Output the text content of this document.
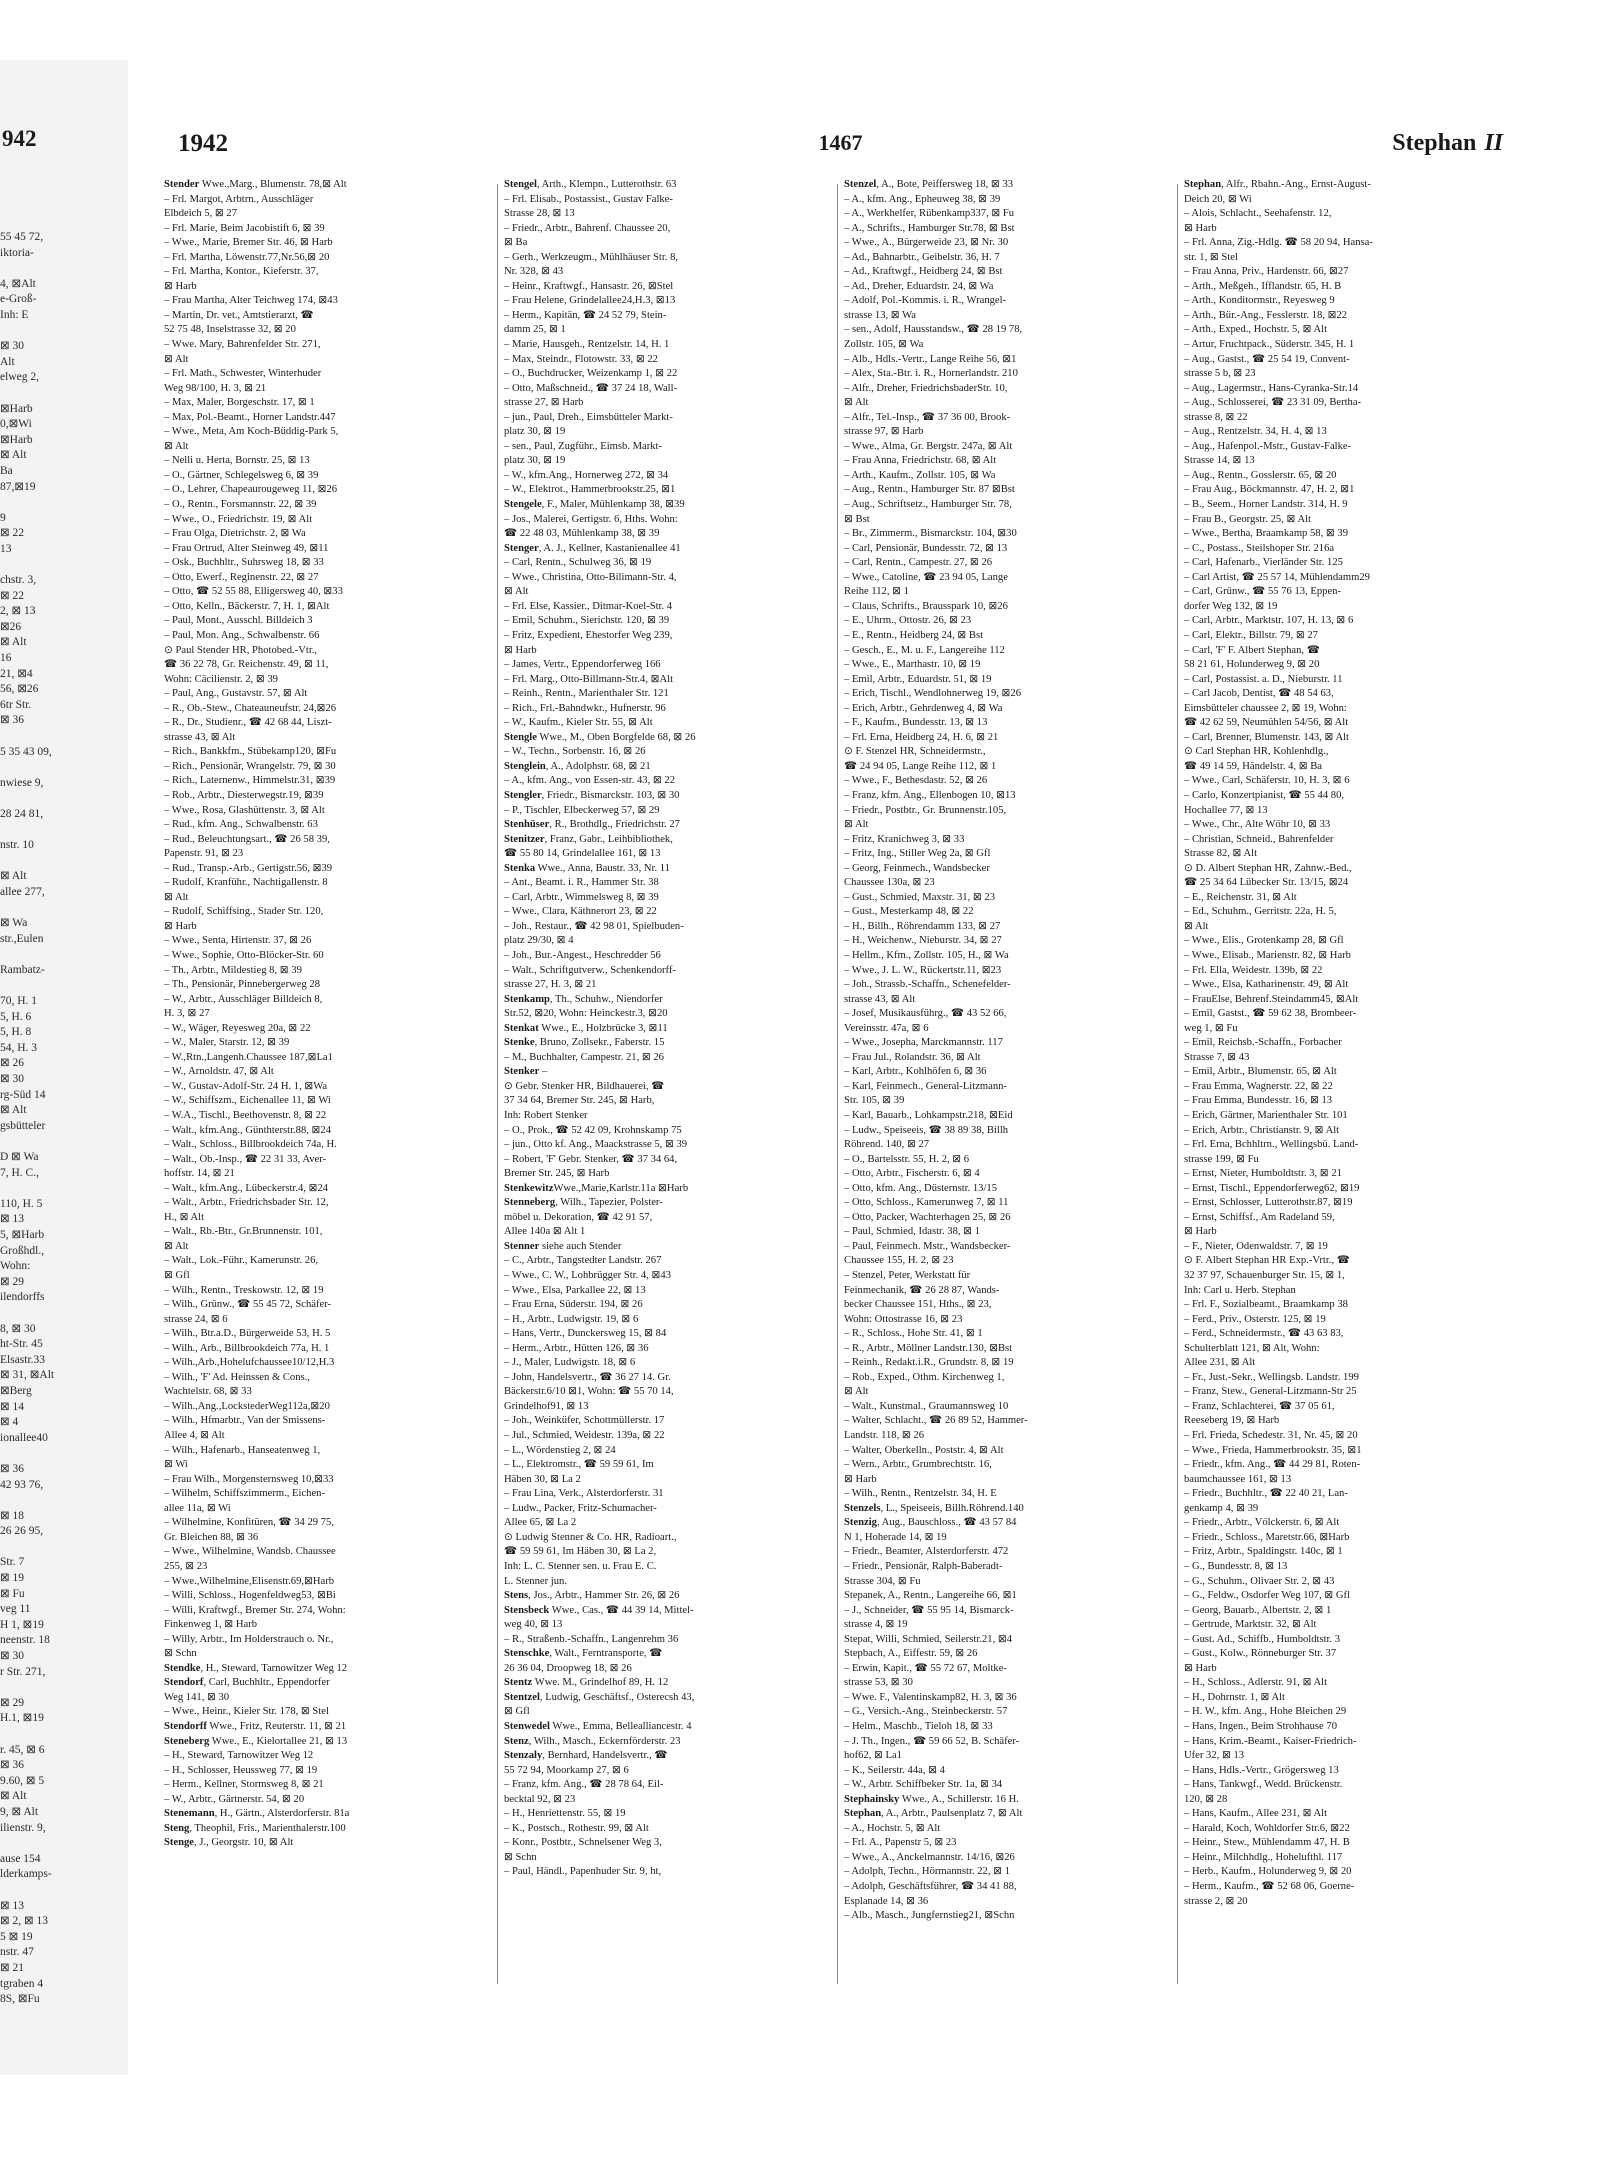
942
55 45 72,
iktoria-

4, ⊠Alt
e-Groß-
Inh: E

⊠ 30
Alt
elweg 2,

⊠Harb
0,⊠Wi
⊠Harb
⊠ Alt
Ba
87,⊠19

9
⊠ 22
13

chstr. 3,
⊠ 22
2, ⊠ 13
⊠26
⊠ Alt
16
21, ⊠4
56, ⊠26
6tr Str.
⊠ 36

5 35 43 09,

nwiese 9,

28 24 81,

nstr. 10

⊠ Alt
allee 277,

⊠ Wa
str.,Eulen

Rambatz-

70, H. 1
5, H. 6
5, H. 8
54, H. 3
⊠ 26
⊠ 30
rg-Süd 14
⊠ Alt
gsbütteler

D ⊠ Wa
7, H. C.,

110, H. 5
⊠ 13
5, ⊠Harb
Großhdl.,
Wohn:
⊠ 29
ilendorffs

8, ⊠ 30
ht-Str. 45
Elsastr.33
⊠ 31, ⊠Alt
⊠Berg
⊠ 14
⊠ 4
ionallee40

⊠ 36
42 93 76,

⊠ 18
26 26 95,

Str. 7
⊠ 19
⊠ Fu
veg 11
H 1, ⊠19
neenstr. 18
⊠ 30
r Str. 271,

⊠ 29
H.1, ⊠19

r. 45, ⊠ 6
⊠ 36
9.60, ⊠ 5
⊠ Alt
9, ⊠ Alt
ilienstr. 9,

ause 154
lderkamps-

⊠ 13
⊠ 2, ⊠ 13
5 ⊠ 19
nstr. 47
⊠ 21
tgraben 4
8S, ⊠Fu
1942	1467	Stephan II
Stender Wwe.,Marg., Blumenstr. 78,⊠ Alt
– Frl. Margot, Arbtrn., Ausschläger
Elbdeich 5, ⊠ 27
– Frl. Marie, Beim Jacobistift 6, ⊠ 39
– Wwe., Marie, Bremer Str. 46, ⊠ Harb
– Frl. Martha, Löwenstr.77,Nr.56,⊠ 20
– Frl. Martha, Kontor., Kieferstr. 37,
⊠ Harb
– Frau Martha, Alter Teichweg 174, ⊠43
– Martin, Dr. vet., Amtstierarzt, ☎
52 75 48, Inselstrasse 32, ⊠ 20
– Wwe. Mary, Bahrenfelder Str. 271,
⊠ Alt
– Frl. Math., Schwester, Winterhuder
Weg 98/100, H. 3, ⊠ 21
– Max, Maler, Borgeschstr. 17, ⊠ 1
– Max, Pol.-Beamt., Horner Landstr.447
– Wwe., Meta, Am Koch-Büddig-Park 5,
⊠ Alt
– Nelli u. Herta, Bornstr. 25, ⊠ 13
– O., Gärtner, Schlegelsweg 6, ⊠ 39
– O., Lehrer, Chapeaurougeweg 11, ⊠26
– O., Rentn., Forsmannstr. 22, ⊠ 39
– Wwe., O., Friedrichstr. 19, ⊠ Alt
– Frau Olga, Dietrichstr. 2, ⊠ Wa
– Frau Ortrud, Alter Steinweg 49, ⊠11
– Osk., Buchhltr., Suhrsweg 18, ⊠ 33
– Otto, Ewerf., Reginenstr. 22, ⊠ 27
– Otto, ☎ 52 55 88, Elligersweg 40, ⊠33
– Otto, Kelln., Bäckerstr. 7, H. 1, ⊠Alt
– Paul, Mont., Ausschl. Billdeich 3
– Paul, Mon. Ang., Schwalbenstr. 66
⊙ Paul Stender HR, Photobed.-Vtr.,
☎ 36 22 78, Gr. Reichenstr. 49, ⊠ 11,
Wohn: Cäcilienstr. 2, ⊠ 39
– Paul, Ang., Gustavstr. 57, ⊠ Alt
– R., Ob.-Stew., Chateauneufstr. 24,⊠26
– R., Dr., Studienr., ☎ 42 68 44, Liszt-
strasse 43, ⊠ Alt
– Rich., Bankkfm., Stübekamp120, ⊠Fu
– Rich., Pensionär, Wrangelstr. 79, ⊠ 30
– Rich., Laternenw., Himmelstr.31, ⊠39
– Rob., Arbtr., Diesterwegstr.19, ⊠39
– Wwe., Rosa, Glashüttenstr. 3, ⊠ Alt
– Rud., kfm. Ang., Schwalbenstr. 63
– Rud., Beleuchtungsart., ☎ 26 58 39,
Papenstr. 91, ⊠ 23
– Rud., Transp.-Arb., Gertigstr.56, ⊠39
– Rudolf, Kranführ., Nachtigallenstr. 8
⊠ Alt
– Rudolf, Schiffsing., Stader Str. 120,
⊠ Harb
– Wwe., Senta, Hirtenstr. 37, ⊠ 26
– Wwe., Sophie, Otto-Blöcker-Str. 60
– Th., Arbtr., Mildestieg 8, ⊠ 39
– Th., Pensionär, Pinnebergerweg 28
– W., Arbtr., Ausschläger Billdeich 8,
H. 3, ⊠ 27
– W., Wäger, Reyesweg 20a, ⊠ 22
– W., Maler, Starstr. 12, ⊠ 39
– W.,Rtn.,Langenh.Chaussee 187,⊠La1
– W., Arnoldstr. 47, ⊠ Alt
– W., Gustav-Adolf-Str. 24 H. 1, ⊠Wa
– W., Schiffszm., Eichenallee 11, ⊠ Wi
– W.A., Tischl., Beethovenstr. 8, ⊠ 22
– Walt., kfm.Ang., Günthterstr.88, ⊠24
– Walt., Schloss., Billbrookdeich 74a, H.
– Walt., Ob.-Insp., ☎ 22 31 33, Aver-
hoffstr. 14, ⊠ 21
– Walt., kfm.Ang., Lübeckerstr.4, ⊠24
– Walt., Arbtr., Friedrichsbader Str. 12,
H., ⊠ Alt
– Walt., Rb.-Btr., Gr.Brunnenstr. 101,
⊠ Alt
– Walt., Lok.-Führ., Kamerunstr. 26,
⊠ Gfl
– Wilh., Rentn., Treskowstr. 12, ⊠ 19
– Wilh., Grünw., ☎ 55 45 72, Schäfer-
strasse 24, ⊠ 6
– Wilh., Btr.a.D., Bürgerweide 53, H. 5
– Wilh., Arb., Billbrookdeich 77a, H. 1
– Wilh.,Arb.,Hohelufchaussee10/12,H.3
– Wilh., 'F' Ad. Heinssen & Cons.,
Wachtelstr. 68, ⊠ 33
– Wilh.,Ang.,LockstederWeg112a,⊠20
– Wilh., Hfmarbtr., Van der Smissens-
Allee 4, ⊠ Alt
– Wilh., Hafenarb., Hanseatenweg 1,
⊠ Wi
– Frau Wilh., Morgensternsweg 10,⊠33
– Wilhelm, Schiffszimmerm., Eichen-
allee 11a, ⊠ Wi
– Wilhelmine, Konfitüren, ☎ 34 29 75,
Gr. Bleichen 88, ⊠ 36
– Wwe., Wilhelmine, Wandsb. Chaussee
255, ⊠ 23
– Wwe.,Wilhelmine,Elisenstr.69,⊠Harb
– Willi, Schloss., Hogenfeldweg53, ⊠Bi
– Willi, Kraftwgf., Bremer Str. 274, Wohn:
Finkenweg 1, ⊠ Harb
– Willy, Arbtr., Im Holderstrauch o. Nr.,
⊠ Schn
Stendke, H., Steward, Tarnowitzer Weg 12
Stendorf, Carl, Buchhltr., Eppendorfer
Weg 141, ⊠ 30
– Wwe., Heinr., Kieler Str. 178, ⊠ Stel
Stendorff Wwe., Fritz, Reuterstr. 11, ⊠ 21
Steneberg Wwe., E., Kielortallee 21, ⊠ 13
– H., Steward, Tarnowitzer Weg 12
– H., Schlosser, Heussweg 77, ⊠ 19
– Herm., Kellner, Stormsweg 8, ⊠ 21
– W., Arbtr., Gärtnerstr. 54, ⊠ 20
Stenemann, H., Gärtn., Alsterdorferstr. 81a
Steng, Theophil, Fris., Marienthalerstr.100
Stenge, J., Georgstr. 10, ⊠ Alt
Stengel, Arth., Klempn., Lutterothstr. 63
– Frl. Elisab., Postassist., Gustav Falke-
Strasse 28, ⊠ 13
– Friedr., Arbtr., Bahrenf. Chaussee 20,
⊠ Ba
– Gerh., Werkzeugm., Mühlhäuser Str. 8,
Nr. 328, ⊠ 43
– Heinr., Kraftwgf., Hansastr. 26, ⊠Stel
– Frau Helene, Grindelallee24,H.3, ⊠13
– Herm., Kapitän, ☎ 24 52 79, Stein-
damm 25, ⊠ 1
– Marie, Hausgeh., Rentzelstr. 14, H. 1
– Max, Steindr., Flotowstr. 33, ⊠ 22
– O., Buchdrucker, Weizenkamp 1, ⊠ 22
– Otto, Maßschneid., ☎ 37 24 18, Wall-
strasse 27, ⊠ Harb
– jun., Paul, Dreh., Eimsbütteler Markt-
platz 30, ⊠ 19
– sen., Paul, Zugführ., Eimsb. Markt-
platz 30, ⊠ 19
– W., kfm.Ang., Hornerweg 272, ⊠ 34
– W., Elektrot., Hammerbrookstr.25, ⊠1
Stengele, F., Maler, Mühlenkamp 38, ⊠39
– Jos., Malerei, Gertigstr. 6, Hths. Wohn:
☎ 22 48 03, Mühlenkamp 38, ⊠ 39
Stenger, A. J., Kellner, Kastanienallee 41
– Carl, Rentn., Schulweg 36, ⊠ 19
– Wwe., Christina, Otto-Bilimann-Str. 4,
⊠ Alt
– Frl. Else, Kassier., Ditmar-Koel-Str. 4
– Emil, Schuhm., Sierichstr. 120, ⊠ 39
– Fritz, Expedient, Ehestorfer Weg 239,
⊠ Harb
– James, Vertr., Eppendorferweg 166
– Frl. Marg., Otto-Billmann-Str.4, ⊠Alt
– Reinh., Rentn., Marienthaler Str. 121
– Rich., Frl.-Bahndwkr., Hufnerstr. 96
– W., Kaufm., Kieler Str. 55, ⊠ Alt
Stengle Wwe., M., Oben Borgfelde 68, ⊠ 26
– W., Techn., Sorbenstr. 16, ⊠ 26
Stenglein, A., Adolphstr. 68, ⊠ 21
– A., kfm. Ang., von Essen-str. 43, ⊠ 22
Stengler, Friedr., Bismarckstr. 103, ⊠ 30
– P., Tischler, Elbeckerweg 57, ⊠ 29
Stenhüser, R., Brothdlg., Friedrichstr. 27
Stenitzer, Franz, Gabr., Leihbibliothek,
☎ 55 80 14, Grindelallee 161, ⊠ 13
Stenka Wwe., Anna, Baustr. 33, Nr. 11
– Ant., Beamt. i. R., Hammer Str. 38
– Carl, Arbtr., Wimmelsweg 8, ⊠ 39
– Wwe., Clara, Käthnerort 23, ⊠ 22
– Joh., Restaur., ☎ 42 98 01, Spielbuden-
platz 29/30, ⊠ 4
– Joh., Bur.-Angest., Heschredder 56
– Walt., Schriftgutverw., Schenkendorff-
strasse 27, H. 3, ⊠ 21
Stenkamp, Th., Schuhw., Niendorfer
Str.52, ⊠20, Wohn: Heinckestr.3, ⊠20
Stenkat Wwe., E., Holzbrücke 3, ⊠11
Stenke, Bruno, Zollsekr., Faberstr. 15
– M., Buchhalter, Campestr. 21, ⊠ 26
Stenker –
⊙ Gebr. Stenker HR, Bildhauerei, ☎
37 34 64, Bremer Str. 245, ⊠ Harb,
Inh: Robert Stenker
– O., Prok., ☎ 52 42 09, Krohnskamp 75
– jun., Otto kf. Ang., Maackstrasse 5, ⊠ 39
– Robert, 'F' Gebr. Stenker, ☎ 37 34 64,
Bremer Str. 245, ⊠ Harb
StenkewitzWwe.,Marie,Karlstr.11a ⊠Harb
Stenneberg, Wilh., Tapezier, Polster-
möbel u. Dekoration, ☎ 42 91 57,
Allee 140a ⊠ Alt 1
Stenner siehe auch Stender
– C., Arbtr., Tangstedter Landstr. 267
– Wwe., C. W., Lohbrügger Str. 4, ⊠43
– Wwe., Elsa, Parkallee 22, ⊠ 13
– Frau Erna, Süderstr. 194, ⊠ 26
– H., Arbtr., Ludwigstr. 19, ⊠ 6
– Hans, Vertr., Dunckersweg 15, ⊠ 84
– Herm., Arbtr., Hütten 126, ⊠ 36
– J., Maler, Ludwigstr. 18, ⊠ 6
– John, Handelsvertr., ☎ 36 27 14. Gr.
Bäckerstr.6/10 ⊠1, Wohn: ☎ 55 70 14,
Grindelhof91, ⊠ 13
– Joh., Weinküfer, Schottmüllerstr. 17
– Jul., Schmied, Weidestr. 139a, ⊠ 22
– L., Wördenstieg 2, ⊠ 24
– L., Elektromstr., ☎ 59 59 61, Im
Häben 30, ⊠ La 2
– Frau Lina, Verk., Alsterdorferstr. 31
– Ludw., Packer, Fritz-Schumacher-
Allee 65, ⊠ La 2
⊙ Ludwig Stenner & Co. HR, Radioart.,
☎ 59 59 61, Im Häben 30, ⊠ La 2,
Inh: L. C. Stenner sen. u. Frau E. C.
L. Stenner jun.
Stens, Jos., Arbtr., Hammer Str. 26, ⊠ 26
Stensbeck Wwe., Cas., ☎ 44 39 14, Mittel-
weg 40, ⊠ 13
– R., Straßenb.-Schaffn., Langenrehm 36
Stenschke, Walt., Ferntransporte, ☎
26 36 04, Droopweg 18, ⊠ 26
Stentz Wwe. M., Grindelhof 89, H. 12
Stentzel, Ludwig, Geschäftsf., Osterecsh 43,
⊠ Gfl
Stenwedel Wwe., Emma, Bellealliancestr. 4
Stenz, Wilh., Masch., Eckernförderstr. 23
Stenzaly, Bernhard, Handelsvertr., ☎
55 72 94, Moorkamp 27, ⊠ 6
– Franz, kfm. Ang., ☎ 28 78 64, Eil-
becktal 92, ⊠ 23
– H., Henriettenstr. 55, ⊠ 19
– K., Postsch., Rothestr. 99, ⊠ Alt
– Konr., Postbtr., Schnelsener Weg 3,
⊠ Schn
– Paul, Händl., Papenhuder Str. 9, ht,
Stenzel, A., Bote, Peiffersweg 18, ⊠ 33
– A., kfm. Ang., Epheuweg 38, ⊠ 39
– A., Werkhelfer, Rübenkamp337, ⊠ Fu
– A., Schrifts., Hamburger Str.78, ⊠ Bst
– Wwe., A., Bürgerweide 23, ⊠ Nr. 30
– Ad., Bahnarbtr., Geibelstr. 36, H. 7
– Ad., Kraftwgf., Heidberg 24, ⊠ Bst
– Ad., Dreher, Eduardstr. 24, ⊠ Wa
– Adolf, Pol.-Kommis. i. R., Wrangel-
strasse 13, ⊠ Wa
– sen., Adolf, Hausstandsw., ☎ 28 19 78,
Zollstr. 105, ⊠ Wa
– Alb., Hdls.-Vertr., Lange Reihe 56, ⊠1
– Alex, Sta.-Btr. i. R., Hornerlandstr. 210
– Alfr., Dreher, FriedrichsbaderStr. 10,
⊠ Alt
– Alfr., Tel.-Insp., ☎ 37 36 00, Brook-
strasse 97, ⊠ Harb
– Wwe., Alma, Gr. Bergstr. 247a, ⊠ Alt
– Frau Anna, Friedrichstr. 68, ⊠ Alt
– Arth., Kaufm., Zollstr. 105, ⊠ Wa
– Aug., Rentn., Hamburger Str. 87 ⊠Bst
– Aug., Schriftsetz., Hamburger Str. 78,
⊠ Bst
– Br., Zimmerm., Bismarckstr. 104, ⊠30
– Carl, Pensionär, Bundesstr. 72, ⊠ 13
– Carl, Rentn., Campestr. 27, ⊠ 26
– Wwe., Catoline, ☎ 23 94 05, Lange
Reihe 112, ⊠ 1
– Claus, Schrifts., Brausspark 10, ⊠26
– E., Uhrm., Ottostr. 26, ⊠ 23
– E., Rentn., Heidberg 24, ⊠ Bst
– Gesch., E., M. u. F., Langereihe 112
– Wwe., E., Marthastr. 10, ⊠ 19
– Emil, Arbtr., Eduardstr. 51, ⊠ 19
– Erich, Tischl., Wendlohnerweg 19, ⊠26
– Erich, Arbtr., Gehrdenweg 4, ⊠ Wa
– F., Kaufm., Bundesstr. 13, ⊠ 13
– Frl. Erna, Heidberg 24, H. 6, ⊠ 21
⊙ F. Stenzel HR, Schneidermstr.,
☎ 24 94 05, Lange Reihe 112, ⊠ 1
– Wwe., F., Bethesdastr. 52, ⊠ 26
– Franz, kfm. Ang., Ellenbogen 10, ⊠13
– Friedr., Postbtr., Gr. Brunnenstr.105,
⊠ Alt
– Fritz, Kranichweg 3, ⊠ 33
– Fritz, Ing., Stiller Weg 2a, ⊠ Gfl
– Georg, Feinmech., Wandsbecker
Chaussee 130a, ⊠ 23
– Gust., Schmied, Maxstr. 31, ⊠ 23
– Gust., Mesterkamp 48, ⊠ 22
– H., Billh., Röhrendamm 133, ⊠ 27
– H., Weichenw., Nieburstr. 34, ⊠ 27
– Hellm., Kfm., Zollstr. 105, H., ⊠ Wa
– Wwe., J. L. W., Rückertstr.11, ⊠23
– Joh., Strassb.-Schaffn., Schenefelder-
strasse 43, ⊠ Alt
– Josef, Musikausführg., ☎ 43 52 66,
Vereinsstr. 47a, ⊠ 6
– Wwe., Josepha, Marckmannstr. 117
– Frau Jul., Rolandstr. 36, ⊠ Alt
– Karl, Arbtr., Kohlhöfen 6, ⊠ 36
– Karl, Feinmech., General-Litzmann-
Str. 105, ⊠ 39
– Karl, Bauarb., Lohkampstr.218, ⊠Eid
– Ludw., Speiseeis, ☎ 38 89 38, Billh
Röhrend. 140, ⊠ 27
– O., Bartelsstr. 55, H. 2, ⊠ 6
– Otto, Arbtr., Fischerstr. 6, ⊠ 4
– Otto, kfm. Ang., Düsternstr. 13/15
– Otto, Schloss., Kamerunweg 7, ⊠ 11
– Otto, Packer, Wachterhagen 25, ⊠ 26
– Paul, Schmied, Idastr. 38, ⊠ 1
– Paul, Feinmech. Mstr., Wandsbecker-
Chaussee 155, H. 2, ⊠ 23
– Stenzel, Peter, Werkstatt für
Feinmechanik, ☎ 26 28 87, Wands-
becker Chaussee 151, Hths., ⊠ 23,
Wohn: Ottostrasse 16, ⊠ 23
– R., Schloss., Hohe Str. 41, ⊠ 1
– R., Arbtr., Möllner Landstr.130, ⊠Bst
– Reinh., Redakt.i.R., Grundstr. 8, ⊠ 19
– Rob., Exped., Othm. Kirchenweg 1,
⊠ Alt
– Walt., Kunstmal., Graumannsweg 10
– Walter, Schlacht., ☎ 26 89 52, Hammer-
Landstr. 118, ⊠ 26
– Walter, Oberkelln., Poststr. 4, ⊠ Alt
– Wern., Arbtr., Grumbrechtstr. 16,
⊠ Harb
– Wilh., Rentn., Rentzelstr. 34, H. E
Stenzels, L., Speiseeis, Billh.Röhrend.140
Stenzig, Aug., Bauschloss., ☎ 43 57 84
N 1, Hoherade 14, ⊠ 19
– Friedr., Beamter, Alsterdorferstr. 472
– Friedr., Pensionär, Ralph-Baberadt-
Strasse 304, ⊠ Fu
Stepanek, A., Rentn., Langereihe 66, ⊠1
– J., Schneider, ☎ 55 95 14, Bismarck-
strasse 4, ⊠ 19
Stepat, Willi, Schmied, Seilerstr.21, ⊠4
Stepbach, A., Eiffestr. 59, ⊠ 26
– Erwin, Kapit., ☎ 55 72 67, Moltke-
strasse 53, ⊠ 30
– Wwe. F., Valentinskamp82, H. 3, ⊠ 36
– G., Versich.-Ang., Steinbeckerstr. 57
– Helm., Maschb., Tieloh 18, ⊠ 33
– J. Th., Ingen., ☎ 59 66 52, B. Schäfer-
hof62, ⊠ La1
– K., Seilerstr. 44a, ⊠ 4
– W., Arbtr. Schiffbeker Str. 1a, ⊠ 34
Stephainsky Wwe., A., Schillerstr. 16 H.
Stephan, A., Arbtr., Paulsenplatz 7, ⊠ Alt
– A., Hochstr. 5, ⊠ Alt
– Frl. A., Papenstr 5, ⊠ 23
– Wwe., A., Anckelmannstr. 14/16, ⊠26
– Adolph, Techn., Hörmannstr. 22, ⊠ 1
– Adolph, Geschäftsführer, ☎ 34 41 88,
Esplanade 14, ⊠ 36
– Alb., Masch., Jungfernstieg21, ⊠Schn
Stephan, Alfr., Rbahn.-Ang., Ernst-August-
Deich 20, ⊠ Wi
– Alois, Schlacht., Seehafenstr. 12,
⊠ Harb
– Frl. Anna, Zig.-Hdlg. ☎ 58 20 94, Hansa-
str. 1, ⊠ Stel
– Frau Anna, Priv., Hardenstr. 66, ⊠27
– Arth., Meßgeh., Ifflandstr. 65, H. B
– Arth., Konditormstr., Reyesweg 9
– Arth., Bür.-Ang., Fesslerstr. 18, ⊠22
– Arth., Exped., Hochstr. 5, ⊠ Alt
– Artur, Fruchtpack., Süderstr. 345, H. 1
– Aug., Gastst., ☎ 25 54 19, Convent-
strasse 5 b, ⊠ 23
– Aug., Lagermstr., Hans-Cyranka-Str.14
– Aug., Schlosserei, ☎ 23 31 09, Bertha-
strasse 8, ⊠ 22
– Aug., Rentzelstr. 34, H. 4, ⊠ 13
– Aug., Hafenpol.-Mstr., Gustav-Falke-
Strasse 14, ⊠ 13
– Aug., Rentn., Gosslerstr. 65, ⊠ 20
– Frau Aug., Böckmannstr. 47, H. 2, ⊠1
– B., Seem., Horner Landstr. 314, H. 9
– Frau B., Georgstr. 25, ⊠ Alt
– Wwe., Bertha, Braamkamp 58, ⊠ 39
– C., Postass., Steilshoper Str. 216a
– Carl, Hafenarb., Vierländer Str. 125
– Carl Artist, ☎ 25 57 14, Mühlendamm29
– Carl, Grünw., ☎ 55 76 13, Eppen-
dorfer Weg 132, ⊠ 19
– Carl, Arbtr., Marktstr. 107, H. 13, ⊠ 6
– Carl, Elektr., Billstr. 79, ⊠ 27
– Carl, 'F' F. Albert Stephan, ☎
58 21 61, Holunderweg 9, ⊠ 20
– Carl, Postassist. a. D., Nieburstr. 11
– Carl Jacob, Dentist, ☎ 48 54 63,
Eimsbütteler chaussee 2, ⊠ 19, Wohn:
☎ 42 62 59, Neumühlen 54/56, ⊠ Alt
– Carl, Brenner, Blumenstr. 143, ⊠ Alt
⊙ Carl Stephan HR, Kohlenhdlg.,
☎ 49 14 59, Händelstr. 4, ⊠ Ba
– Wwe., Carl, Schäferstr. 10, H. 3, ⊠ 6
– Carlo, Konzertpianist, ☎ 55 44 80,
Hochallee 77, ⊠ 13
– Wwe., Chr., Alte Wöhr 10, ⊠ 33
– Christian, Schneid., Bahrenfelder
Strasse 82, ⊠ Alt
⊙ D. Albert Stephan HR, Zahnw.-Bed.,
☎ 25 34 64 Lübecker Str. 13/15, ⊠24
– E., Reichenstr. 31, ⊠ Alt
– Ed., Schuhm., Gerritstr. 22a, H. 5,
⊠ Alt
– Wwe., Elis., Grotenkamp 28, ⊠ Gfl
– Wwe., Elisab., Marienstr. 82, ⊠ Harb
– Frl. Ella, Weidestr. 139b, ⊠ 22
– Wwe., Elsa, Katharinenstr. 49, ⊠ Alt
– FrauElse, Behrenf.Steindamm45, ⊠Alt
– Emil, Gastst., ☎ 59 62 38, Brombeer-
weg 1, ⊠ Fu
– Emil, Reichsb.-Schaffn., Forbacher
Strasse 7, ⊠ 43
– Emil, Arbtr., Blumenstr. 65, ⊠ Alt
– Frau Emma, Wagnerstr. 22, ⊠ 22
– Frau Emma, Bundesstr. 16, ⊠ 13
– Erich, Gärtner, Marienthaler Str. 101
– Erich, Arbtr., Christianstr. 9, ⊠ Alt
– Frl. Erna, Bchhltrn., Wellingsbü. Land-
strasse 199, ⊠ Fu
– Ernst, Nieter, Humboldtstr. 3, ⊠ 21
– Ernst, Tischl., Eppendorferweg62, ⊠19
– Ernst, Schlosser, Lutterothstr.87, ⊠19
– Ernst, Schiffsf., Am Radeland 59,
⊠ Harb
– F., Nieter, Odenwaldstr. 7, ⊠ 19
⊙ F. Albert Stephan HR Exp.-Vrtr., ☎
32 37 97, Schauenburger Str. 15, ⊠ 1,
Inh: Carl u. Herb. Stephan
– Frl. F., Sozialbeamt., Braamkamp 38
– Ferd., Priv., Osterstr. 125, ⊠ 19
– Ferd., Schneidermstr., ☎ 43 63 83,
Schulterblatt 121, ⊠ Alt, Wohn:
Allee 231, ⊠ Alt
– Fr., Just.-Sekr., Wellingsb. Landstr. 199
– Franz, Stew., General-Litzmann-Str 25
– Franz, Schlachterei, ☎ 37 05 61,
Reeseberg 19, ⊠ Harb
– Frl. Frieda, Schedestr. 31, Nr. 45, ⊠ 20
– Wwe., Frieda, Hammerbrookstr. 35, ⊠1
– Friedr., kfm. Ang., ☎ 44 29 81, Roten-
baumchaussee 161, ⊠ 13
– Friedr., Buchhltr., ☎ 22 40 21, Lan-
genkamp 4, ⊠ 39
– Friedr., Arbtr., Völckerstr. 6, ⊠ Alt
– Friedr., Schloss., Maretstr.66, ⊠Harb
– Fritz, Arbtr., Spaldingstr. 140c, ⊠ 1
– G., Bundesstr. 8, ⊠ 13
– G., Schuhm., Olivaer Str. 2, ⊠ 43
– G., Feldw., Osdorfer Weg 107, ⊠ Gfl
– Georg, Bauarb., Albertstr. 2, ⊠ 1
– Gertrude, Marktstr. 32, ⊠ Alt
– Gust. Ad., Schiffb., Humboldtstr. 3
– Gust., Kolw., Rönneburger Str. 37
⊠ Harb
– H., Schloss., Adlerstr. 91, ⊠ Alt
– H., Dohrnstr. 1, ⊠ Alt
– H. W., kfm. Ang., Hohe Bleichen 29
– Hans, Ingen., Beim Strohhause 70
– Hans, Krim.-Beamt., Kaiser-Friedrich-
Ufer 32, ⊠ 13
– Hans, Hdls.-Vertr., Grögersweg 13
– Hans, Tankwgf., Wedd. Brückenstr.
120, ⊠ 28
– Hans, Kaufm., Allee 231, ⊠ Alt
– Harald, Koch, Wohldorfer Str.6, ⊠22
– Heinr., Stew., Mühlendamm 47, H. B
– Heinr., Milchhdlg., Hohelufthl. 117
– Herb., Kaufm., Holunderweg 9, ⊠ 20
– Herm., Kaufm., ☎ 52 68 06, Goerne-
strasse 2, ⊠ 20
